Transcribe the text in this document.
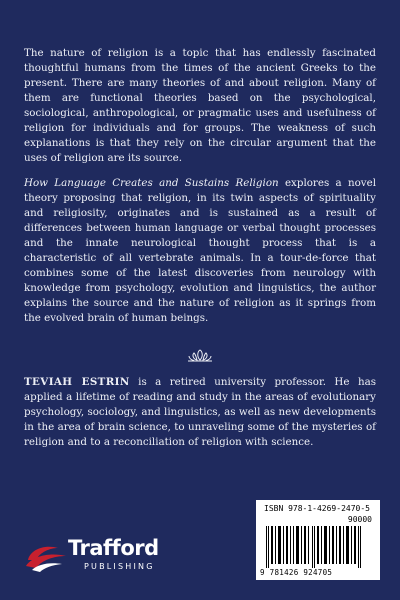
The nature of religion is a topic that has endlessly fascinated thoughtful humans from the times of the ancient Greeks to the present. There are many theories of and about religion. Many of them are functional theories based on the psychological, sociological, anthropological, or pragmatic uses and usefulness of religion for individuals and for groups. The weakness of such explanations is that they rely on the circular argument that the uses of religion are its source.

How Language Creates and Sustains Religion explores a novel theory proposing that religion, in its twin aspects of spirituality and religiosity, originates and is sustained as a result of differences between human language or verbal thought processes and the innate neurological thought process that is a characteristic of all vertebrate animals. In a tour-de-force that combines some of the latest discoveries from neurology with knowledge from psychology, evolution and linguistics, the author explains the source and the nature of religion as it springs from the evolved brain of human beings.

TEVIAH ESTRIN is a retired university professor. He has applied a lifetime of reading and study in the areas of evolutionary psychology, sociology, and linguistics, as well as new developments in the area of brain science, to unraveling some of the mysteries of religion and to a reconciliation of religion with science.

Trafford
PUBLISHING
ISBN 978-1-4269-2470-5
90000
9 781426 924705
